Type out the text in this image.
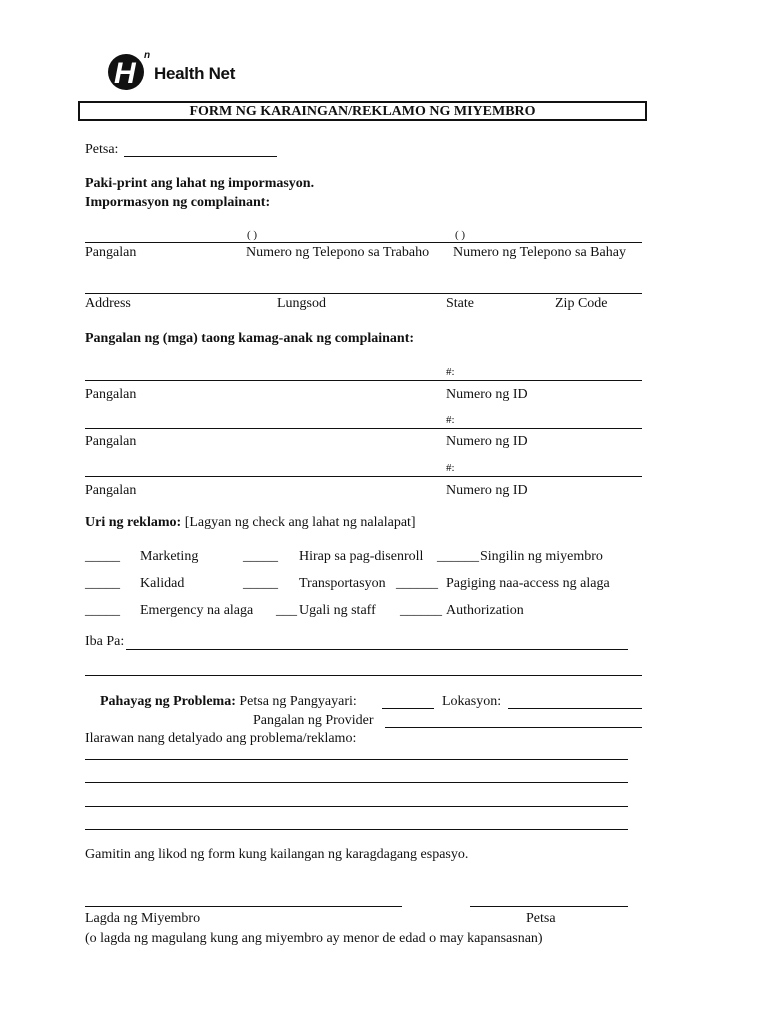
H
n
Health Net
FORM NG KARAINGAN/REKLAMO NG MIYEMBRO
Petsa:
Paki-print ang lahat ng impormasyon.
Impormasyon ng complainant:
( )	( )
Pangalan	Numero ng Telepono sa Trabaho Numero ng Telepono sa Bahay
Address	Lungsod	State	Zip Code
Pangalan ng (mga) taong kamag-anak ng complainant:
#:
Pangalan	Numero ng ID
#:
Pangalan	Numero ng ID
#:
Pangalan	Numero ng ID
Uri ng reklamo: [Lagyan ng check ang lahat ng nalalapat]
_____ Marketing	_____ Hirap sa pag-disenroll ______ Singilin ng miyembro
_____ Kalidad	_____ Transportasyon ______ Pagiging naa-access ng alaga
_____ Emergency na alaga ___ Ugali ng staff ______ Authorization
Iba Pa:
Pahayag ng Problema: Petsa ng Pangyayari:	Lokasyon:
Pangalan ng Provider
Ilarawan nang detalyado ang problema/reklamo:
Gamitin ang likod ng form kung kailangan ng karagdagang espasyo.
Lagda ng Miyembro	Petsa
(o lagda ng magulang kung ang miyembro ay menor de edad o may kapansasnan)
